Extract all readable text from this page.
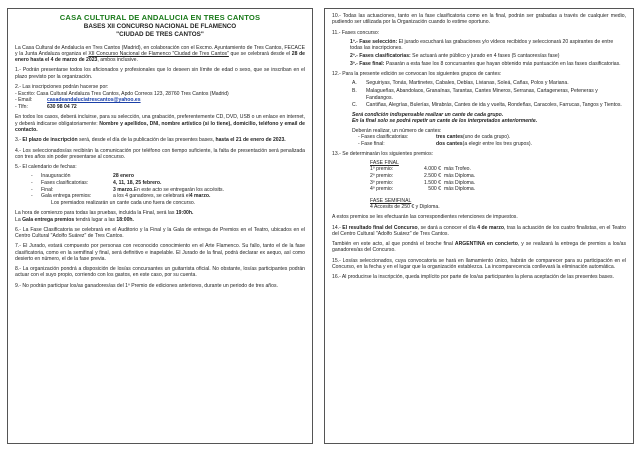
CASA CULTURAL DE ANDALUCIA EN TRES CANTOS
BASES XII CONCURSO NACIONAL DE FLAMENCO
"CIUDAD DE TRES CANTOS"

La Casa Cultural de Andalucía en Tres Cantos (Madrid), en colaboración con el Excmo. Ayuntamiento de Tres Cantos, FECACE y la Junta Andaluza organiza el XII Concurso Nacional de Flamenco "Ciudad de Tres Cantos" que se celebrará desde el 28 de enero hasta el 4 de marzo de 2023, ambos inclusive.

1.- Podrán presentarse todos los aficionados y profesionales que lo deseen sin límite de edad o sexo, que se inscriban en el plazo previsto por la organización.

2.- Las inscripciones podrán hacerse por:
- Escrito: Casa Cultural Andaluza Tres Cantos, Apdo Correos 123, 28760 Tres Cantos (Madrid)
- Email:	casadeandaluciatrescantos@yahoo.es
- Tlfn:	630 98 04 72

En todos los casos, deberá incluirse, para su selección, una grabación, preferentemente CD, DVD, USB o un enlace en internet, y deberá indicarse obligatoriamente: Nombre y apellidos, DNI, nombre artístico (si lo tiene), domicilio, teléfono y email de contacto.

3.- El plazo de inscripción será, desde el día de la publicación de las presentes bases, hasta el 21 de enero de 2023.

4.- Los seleccionados/as recibirán la comunicación por teléfono con tiempo suficiente, la falta de presentación será penalizada con tres años sin poder presentarse al concurso.

5.- El calendario de fechas:
-	Inauguración	28 enero
-	Fases clasificatorias:	4, 11, 18, 25 febrero.
-	Final:	3 marzo. En este acto se entregarán los accésits.
-	Gala entrega premios:	a los 4 ganadores, se celebrará el 4 marzo.
Los premiados realizarán un cante cada uno fuera de concurso.
La hora de comienzo para todas las pruebas, incluida la Final, será las 19:00h.
La Gala entrega premios tendrá lugar a las 18:00h.

6.- La Fase Clasificatoria se celebrará en el Auditorio y la Final y la Gala de entrega de Premios en el Teatro, ubicados en el Centro Cultural "Adolfo Suárez" de Tres Cantos.

7.- El Jurado, estará compuesto por personas con reconocido conocimiento en el Arte Flamenco. Su fallo, tanto el de la fase clasificatoria, como en la semifinal y final, será definitivo e inapelable. El Jurado de la final, podrá declarar ex aequo, así como desierto en número, el de la fase previa.

8.- La organización pondrá a disposición de los/as concursantes un guitarrista oficial. No obstante, los/as participantes podrán actuar con el suyo propio, corriendo con los gastos, en este caso, por su cuenta.

9.- No podrán participar los/as ganadores/as del 1º Premio de ediciones anteriores, durante un periodo de tres años.

10.- Todas las actuaciones, tanto en la fase clasificatoria como en la final, podrán ser grabadas a través de cualquier medio, pudiendo ser utilizada por la Organización cuando lo estime oportuno.

11.- Fases concurso:
1º.- Fase selección: El jurado escuchará las grabaciones y/o vídeos recibidos y seleccionará 20 aspirantes de entre todas las inscripciones.
2º.- Fases clasificatorias: Se actuará ante público y jurado en 4 fases (5 cantaores/as fase)
3º.- Fase final: Pasarán a esta fase los 8 concursantes que hayan obtenido más puntuación en las fases clasificatorias.
12.- Para la presente edición se convocan los siguientes grupos de cantes:
A.	Seguiriyas, Tonás, Martinetes, Cabales, Deblas, Livianas, Soleá, Cañas, Polos y Mariana.
B.	Malagueñas, Abandolaos, Granaínas, Tarantas, Cantes Mineros, Serranas, Cartageneras, Peteneras y Fandangos.
C.	Cantiñas, Alegrías, Bulerías, Mirabrás, Cantes de ida y vuelta, Rondeñas, Caracoles, Farrucas, Tangos y Tientos.
Será condición indispensable realizar un cante de cada grupo.
En la final solo se podrá repetir un cante de los interpretados anteriormente.
Deberán realizar, un número de cantes:
- Fases clasificatorias:	tres cantes (uno de cada grupo).
- Fase final:	dos cantes (a elegir entre los tres grupos).
13.- Se determinarán los siguientes premios:
FASE FINAL
1º premio:	4.000 € más Trofeo.
2º premio:	2.500 € más Diploma.
3º premio:	1.500 € más Diploma.
4º premio:	500 € más Diploma.
FASE SEMIFINAL
4 Accesits de 250 € y Diploma.

A estos premios se les efectuarán las correspondientes retenciones de impuestos.

14.- El resultado final del Concurso, se dará a conocer el día 4 de marzo, tras la actuación de los cuatro finalistas, en el Teatro del Centro Cultural "Adolfo Suárez" de Tres Cantos.

También en este acto, al que pondrá el broche final ARGENTINA en concierto, y se realizará la entrega de premios a los/as ganadores/as del Concurso.

15.- Los/as seleccionados, cuya convocatoria se hará en llamamiento único, habrán de comparecer para su participación en el Concurso, en la fecha y en el lugar que la organización establezca. La incomparecencia conllevará la eliminación automática.

16.- Al producirse la inscripción, queda implícito por parte de los/as participantes la plena aceptación de las presentes bases.
